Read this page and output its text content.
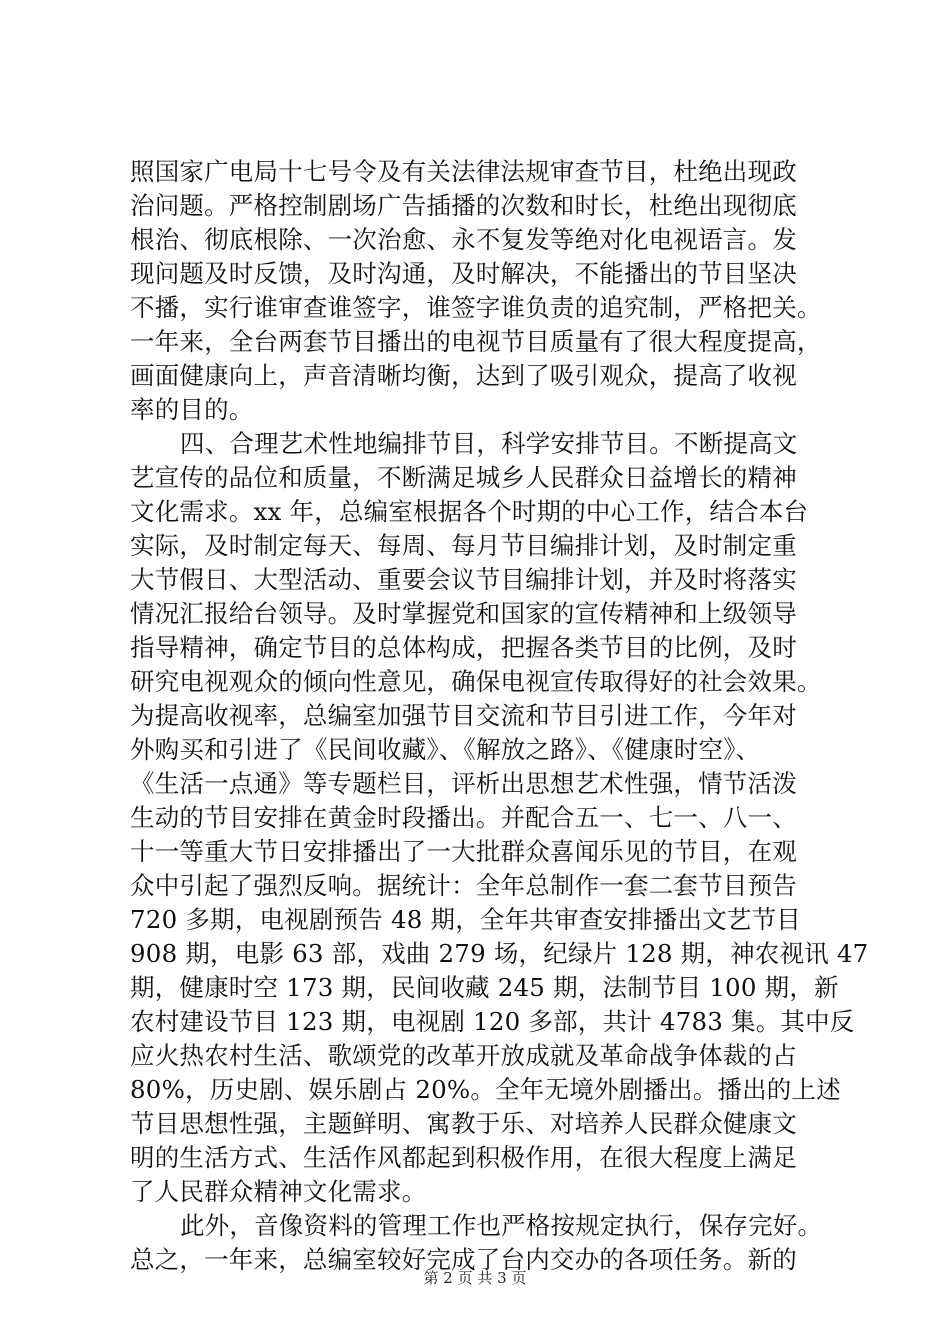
照国家广电局十七号令及有关法律法规审查节目，杜绝出现政
治问题。严格控制剧场广告插播的次数和时长，杜绝出现彻底
根治、彻底根除、一次治愈、永不复发等绝对化电视语言。发
现问题及时反馈，及时沟通，及时解决，不能播出的节目坚决
不播，实行谁审查谁签字，谁签字谁负责的追究制，严格把关。
一年来，全台两套节目播出的电视节目质量有了很大程度提高，
画面健康向上，声音清晰均衡，达到了吸引观众，提高了收视
率的目的。
四、合理艺术性地编排节目，科学安排节目。不断提高文
艺宣传的品位和质量，不断满足城乡人民群众日益增长的精神
文化需求。xx 年，总编室根据各个时期的中心工作，结合本台
实际，及时制定每天、每周、每月节目编排计划，及时制定重
大节假日、大型活动、重要会议节目编排计划，并及时将落实
情况汇报给台领导。及时掌握党和国家的宣传精神和上级领导
指导精神，确定节目的总体构成，把握各类节目的比例，及时
研究电视观众的倾向性意见，确保电视宣传取得好的社会效果。
为提高收视率，总编室加强节目交流和节目引进工作，今年对
外购买和引进了《民间收藏》、《解放之路》、《健康时空》、
《生活一点通》等专题栏目，评析出思想艺术性强，情节活泼
生动的节目安排在黄金时段播出。并配合五一、七一、八一、
十一等重大节日安排播出了一大批群众喜闻乐见的节目，在观
众中引起了强烈反响。据统计：全年总制作一套二套节目预告
720 多期，电视剧预告 48 期，全年共审查安排播出文艺节目
908 期，电影 63 部，戏曲 279 场，纪绿片 128 期，神农视讯 47
期，健康时空 173 期，民间收藏 245 期，法制节目 100 期，新
农村建设节目 123 期，电视剧 120 多部，共计 4783 集。其中反
应火热农村生活、歌颂党的改革开放成就及革命战争体裁的占
80%，历史剧、娱乐剧占 20%。全年无境外剧播出。播出的上述
节目思想性强，主题鲜明、寓教于乐、对培养人民群众健康文
明的生活方式、生活作风都起到积极作用，在很大程度上满足
了人民群众精神文化需求。
此外，音像资料的管理工作也严格按规定执行，保存完好。
总之，一年来，总编室较好完成了台内交办的各项任务。新的
第 2 页 共 3 页
